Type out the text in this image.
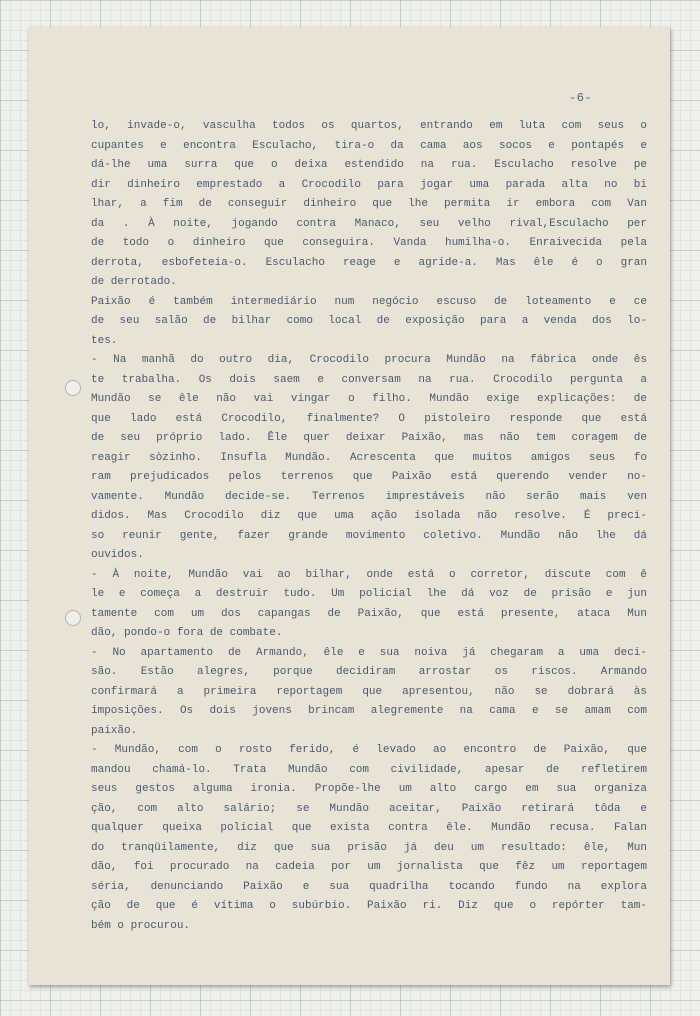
-6-
lo, invade-o, vasculha todos os quartos, entrando em luta com seus o
cupantes e encontra Esculacho, tira-o da cama aos socos e pontapés e
dá-lhe uma surra que o deixa estendido na rua. Esculacho resolve pe
dir dinheiro emprestado a Crocodilo para jogar uma parada alta no bi
lhar, a fim de conseguir dinheiro que lhe permita ir embora com Van
da . À noite, jogando contra Manaco, seu velho rival,Esculacho per
de todo o dinheiro que conseguira. Vanda humilha-o. Enraivecida pela
derrota, esbofeteia-o. Esculacho reage e agride-a. Mas êle é o gran
de derrotado.
Paixão é também intermediário num negócio escuso de loteamento e ce
de seu salão de bilhar como local de exposição para a venda dos lo-
tes.
- Na manhã do outro dia, Crocodilo procura Mundão na fábrica onde ês
te trabalha. Os dois saem e conversam na rua. Crocodilo pergunta a
Mundão se êle não vai vingar o filho. Mundão exige explicações: de
que lado está Crocodilo, finalmente? O pistoleiro responde que está
de seu próprio lado. Êle quer deixar Paixão, mas não tem coragem de
reagir sòzinho. Insufla Mundão. Acrescenta que muitos amigos seus fo
ram prejudicados pelos terrenos que Paixão está querendo vender no-
vamente. Mundão decide-se. Terrenos imprestáveis não serão mais ven
didos. Mas Crocodilo diz que uma ação isolada não resolve. É preci-
so reunir gente, fazer grande movimento coletivo. Mundão não lhe dá
ouvidos.
- À noite, Mundão vai ao bilhar, onde está o corretor, discute com ê
le e começa a destruir tudo. Um policial lhe dá voz de prisão e jun
tamente com um dos capangas de Paixão, que está presente, ataca Mun
dão, pondo-o fora de combate.
- No apartamento de Armando, êle e sua noiva já chegaram a uma deci-
são. Estão alegres, porque decidiram arrostar os riscos. Armando
confirmará a primeira reportagem que apresentou, não se dobrará às
imposições. Os dois jovens brincam alegremente na cama e se amam com
paixão.
- Mundão, com o rosto ferido, é levado ao encontro de Paixão, que
mandou chamá-lo. Trata Mundão com civilidade, apesar de refletirem
seus gestos alguma ironia. Propõe-lhe um alto cargo em sua organiza
ção, com alto salário; se Mundão aceitar, Paixão retirará tôda e
qualquer queixa policial que exista contra êle. Mundão recusa. Falan
do tranqüilamente, diz que sua prisão já deu um resultado: êle, Mun
dão, foi procurado na cadeia por um jornalista que fêz um reportagem
séria, denunciando Paixão e sua quadrilha tocando fundo na explora
ção de que é vítima o subúrbio. Paixão ri. Diz que o repórter tam-
bém o procurou.
